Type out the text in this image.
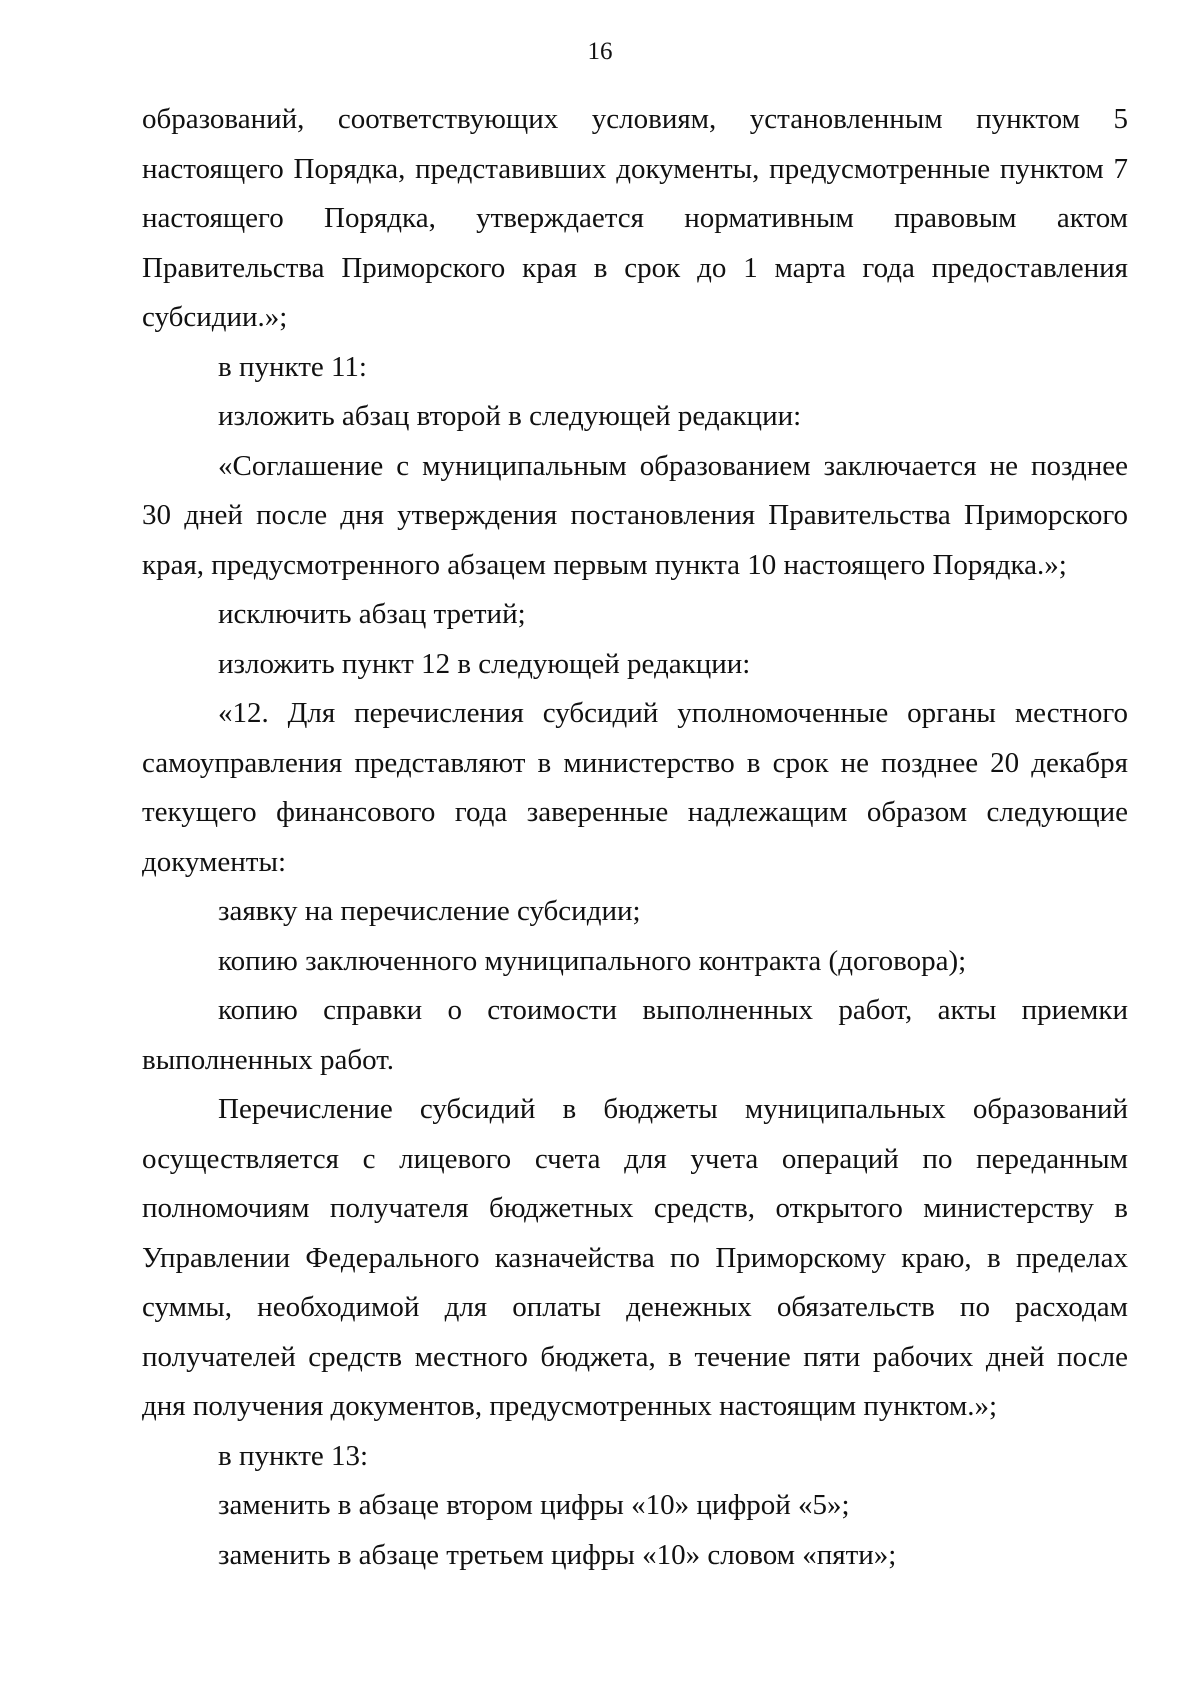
16

образований, соответствующих условиям, установленным пунктом 5 настоящего Порядка, представивших документы, предусмотренные пунктом 7 настоящего Порядка, утверждается нормативным правовым актом Правительства Приморского края в срок до 1 марта года предоставления субсидии.»;

в пункте 11:

изложить абзац второй в следующей редакции:

«Соглашение с муниципальным образованием заключается не позднее 30 дней после дня утверждения постановления Правительства Приморского края, предусмотренного абзацем первым пункта 10 настоящего Порядка.»;

исключить абзац третий;

изложить пункт 12 в следующей редакции:

«12. Для перечисления субсидий уполномоченные органы местного самоуправления представляют в министерство в срок не позднее 20 декабря текущего финансового года заверенные надлежащим образом следующие документы:

заявку на перечисление субсидии;

копию заключенного муниципального контракта (договора);

копию справки о стоимости выполненных работ, акты приемки выполненных работ.

Перечисление субсидий в бюджеты муниципальных образований осуществляется с лицевого счета для учета операций по переданным полномочиям получателя бюджетных средств, открытого министерству в Управлении Федерального казначейства по Приморскому краю, в пределах суммы, необходимой для оплаты денежных обязательств по расходам получателей средств местного бюджета, в течение пяти рабочих дней после дня получения документов, предусмотренных настоящим пунктом.»;

в пункте 13:

заменить в абзаце втором цифры «10» цифрой «5»;

заменить в абзаце третьем цифры «10» словом «пяти»;
